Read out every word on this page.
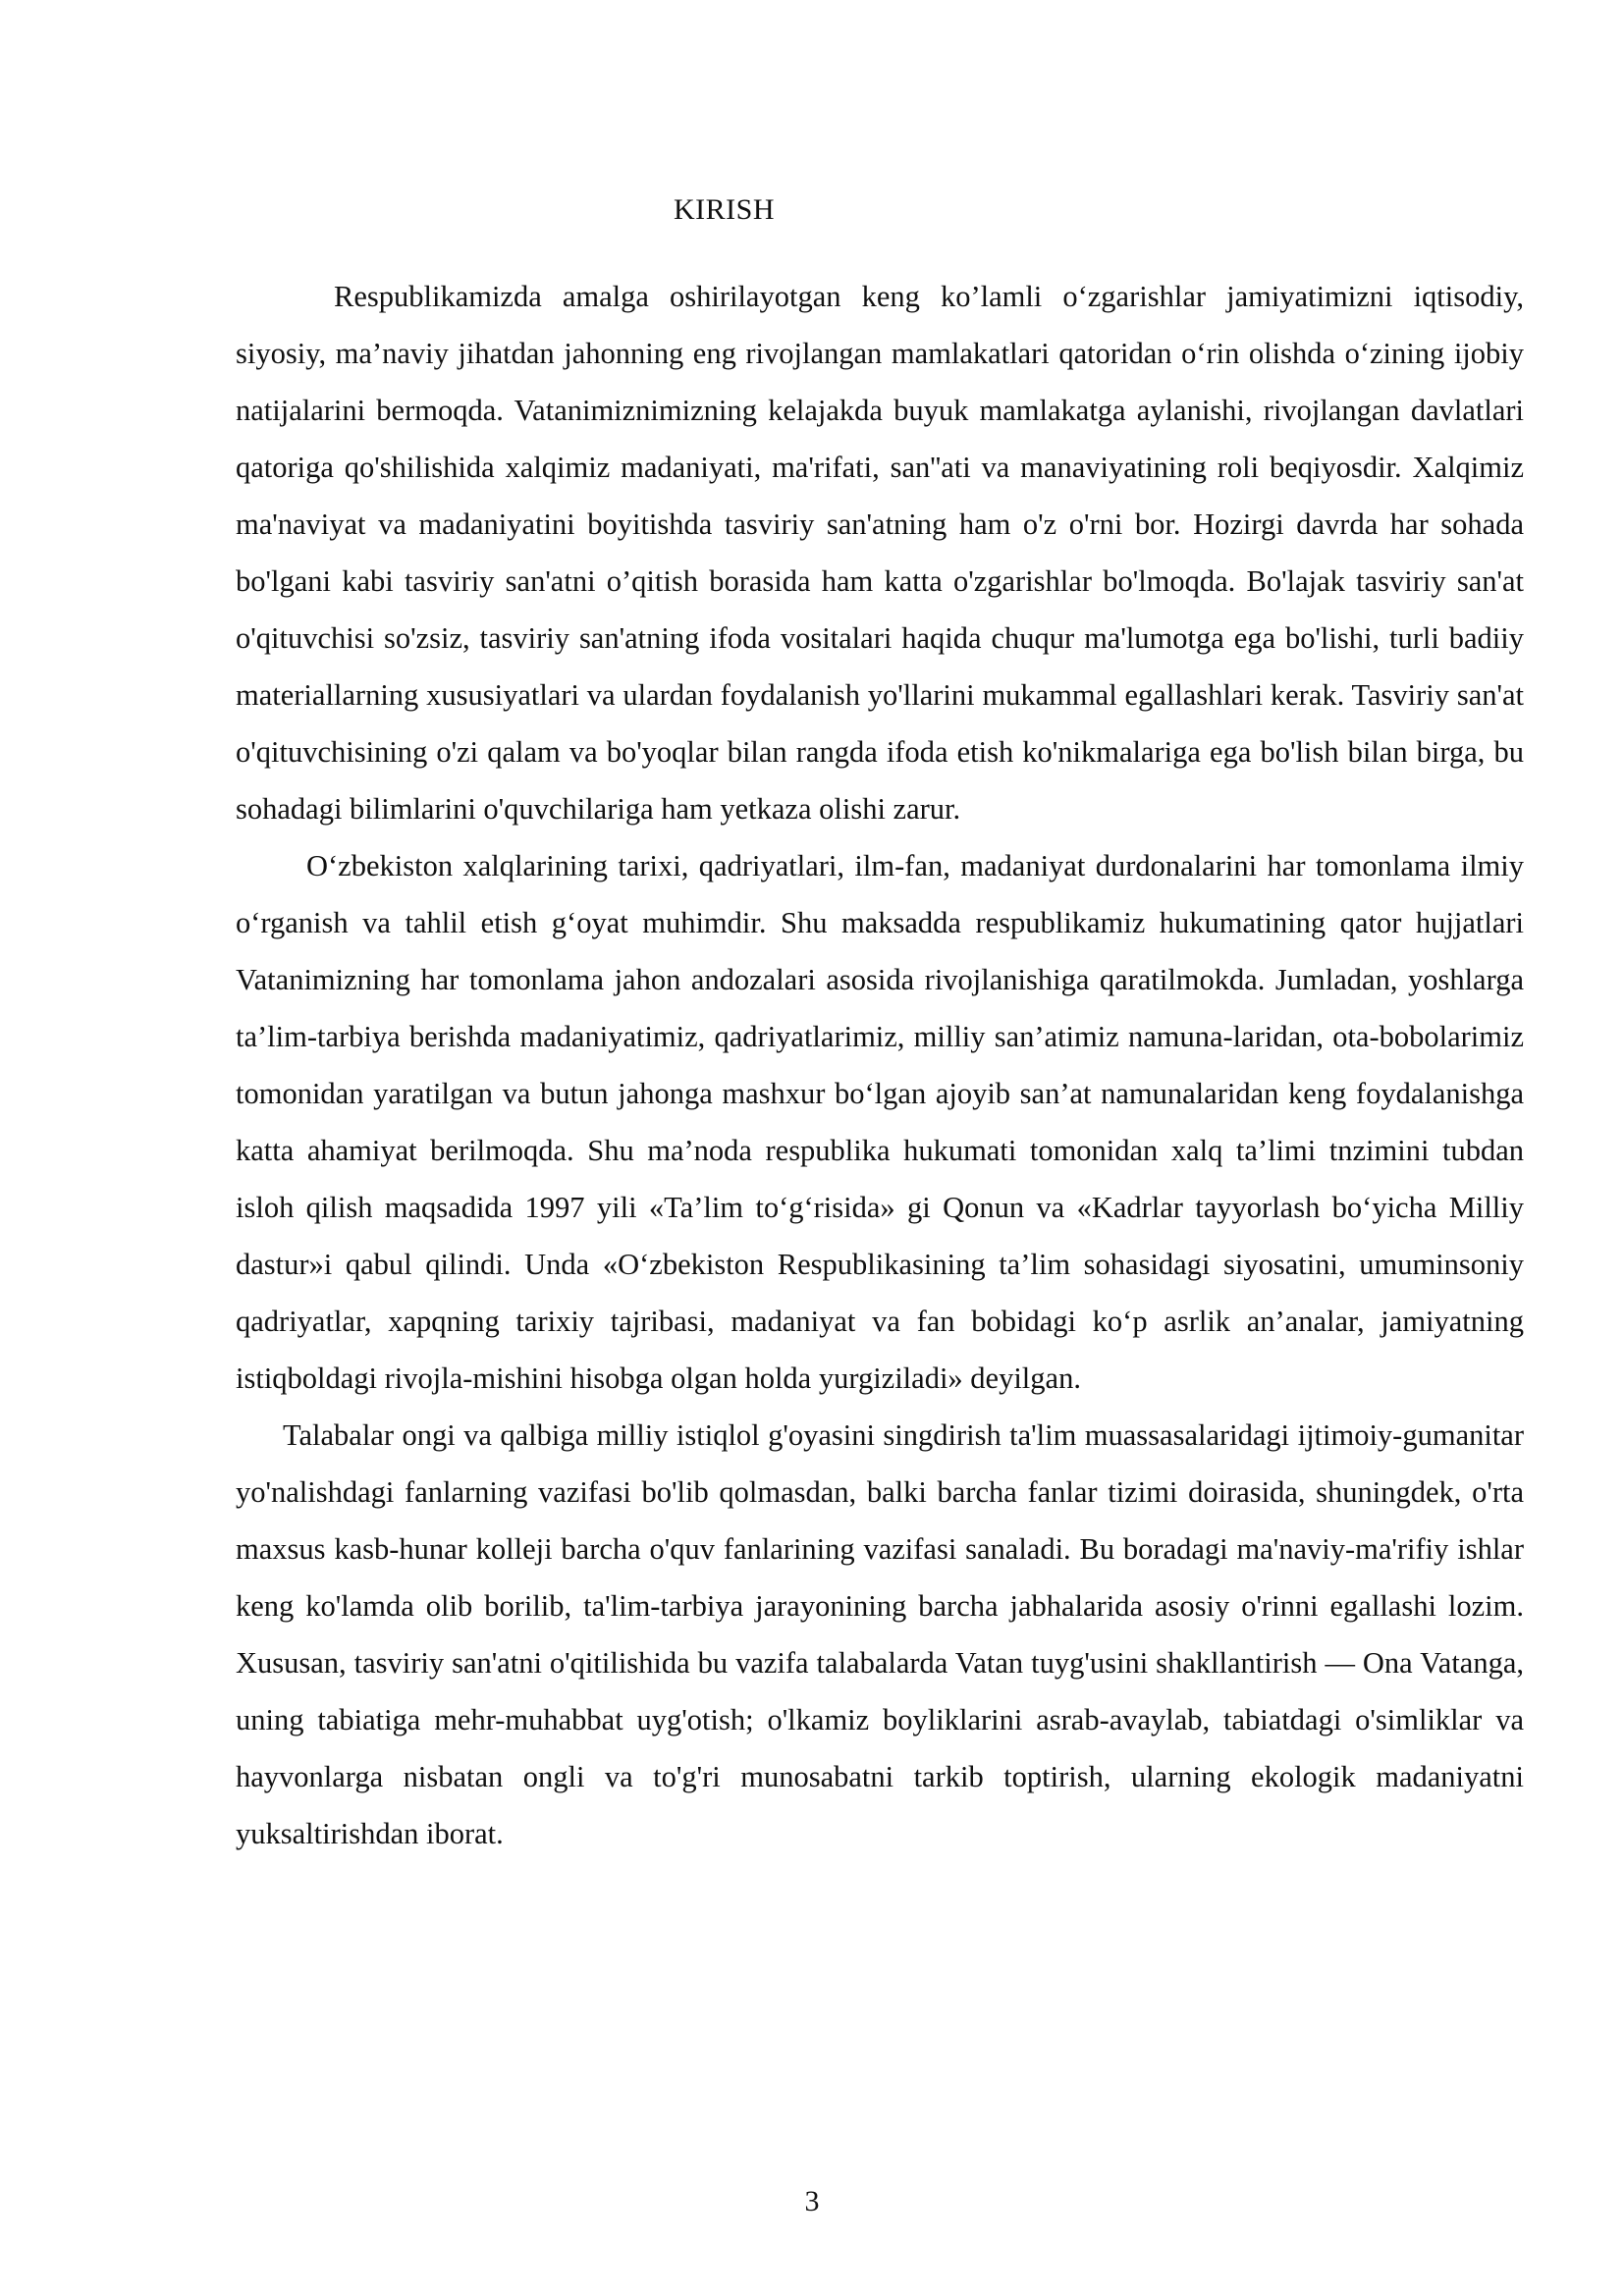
KIRISH

Respublikamizda amalga oshirilayotgan keng ko’lamli o‘zgarishlar jamiyatimizni iqtisodiy, siyosiy, ma’naviy jihatdan jahonning eng rivojlangan mamlakatlari qatoridan o‘rin olishda o‘zining ijobiy natijalarini bermoqda. Vatanimiznimizning kelajakda buyuk mamlakatga aylanishi, rivojlangan davlatlari qatoriga qo'shilishida xalqimiz madaniyati, ma'rifati, san''ati va manaviyatining roli beqiyosdir. Xalqimiz ma'naviyat va madaniyatini boyitishda tasviriy san'atning ham o'z o'rni bor. Hozirgi davrda har sohada bo'lgani kabi tasviriy san'atni o’qitish borasida ham katta o'zgarishlar bo'lmoqda. Bo'lajak tasviriy san'at o'qituvchisi so'zsiz, tasviriy san'atning ifoda vositalari haqida chuqur ma'lumotga ega bo'lishi, turli badiiy materiallarning xususiyatlari va ulardan foydalanish yo'llarini mukammal egallashlari kerak. Tasviriy san'at o'qituvchisining o'zi qalam va bo'yoqlar bilan rangda ifoda etish ko'nikmalariga ega bo'lish bilan birga, bu sohadagi bilimlarini o'quvchilariga ham yetkaza olishi zarur.

O‘zbekiston xalqlarining tarixi, qadriyatlari, ilm-fan, madaniyat durdonalarini har tomonlama ilmiy o‘rganish va tahlil etish g‘oyat muhimdir. Shu maksadda respublikamiz hukumatining qator hujjatlari Vatanimizning har tomonlama jahon andozalari asosida rivojlanishiga qaratilmokda. Jumladan, yoshlarga ta’lim-tarbiya berishda madaniyatimiz, qadriyatlarimiz, milliy san’atimiz namuna-laridan, ota-bobolarimiz tomonidan yaratilgan va butun jahonga mashxur bo‘lgan ajoyib san’at namunalaridan keng foydalanishga katta ahamiyat berilmoqda. Shu ma’noda respublika hukumati tomonidan xalq ta’limi tnzimini tubdan isloh qilish maqsadida 1997 yili «Ta’lim to‘g‘risida» gi Qonun va «Kadrlar tayyorlash bo‘yicha Milliy dastur»i qabul qilindi. Unda «O‘zbekiston Respublikasining ta’lim sohasidagi siyosatini, umuminsoniy qadriyatlar, xapqning tarixiy tajribasi, madaniyat va fan bobidagi ko‘p asrlik an’analar, jamiyatning istiqboldagi rivojla-mishini hisobga olgan holda yurgiziladi» deyilgan.

Talabalar ongi va qalbiga milliy istiqlol g'oyasini singdirish ta'lim muassasalaridagi ijtimoiy-gumanitar yo'nalishdagi fanlarning vazifasi bo'lib qolmasdan, balki barcha fanlar tizimi doirasida, shuningdek, o'rta maxsus kasb-hunar kolleji barcha o'quv fanlarining vazifasi sanaladi. Bu boradagi ma'naviy-ma'rifiy ishlar keng ko'lamda olib borilib, ta'lim-tarbiya jarayonining barcha jabhalarida asosiy o'rinni egallashi lozim. Xususan, tasviriy san'atni o'qitilishida bu vazifa talabalarda Vatan tuyg'usini shakllantirish — Ona Vatanga, uning tabiatiga mehr-muhabbat uyg'otish; o'lkamiz boyliklarini asrab-avaylab, tabiatdagi o'simliklar va hayvonlarga nisbatan ongli va to'g'ri munosabatni tarkib toptirish, ularning ekologik madaniyatni yuksaltirishdan iborat.

3
